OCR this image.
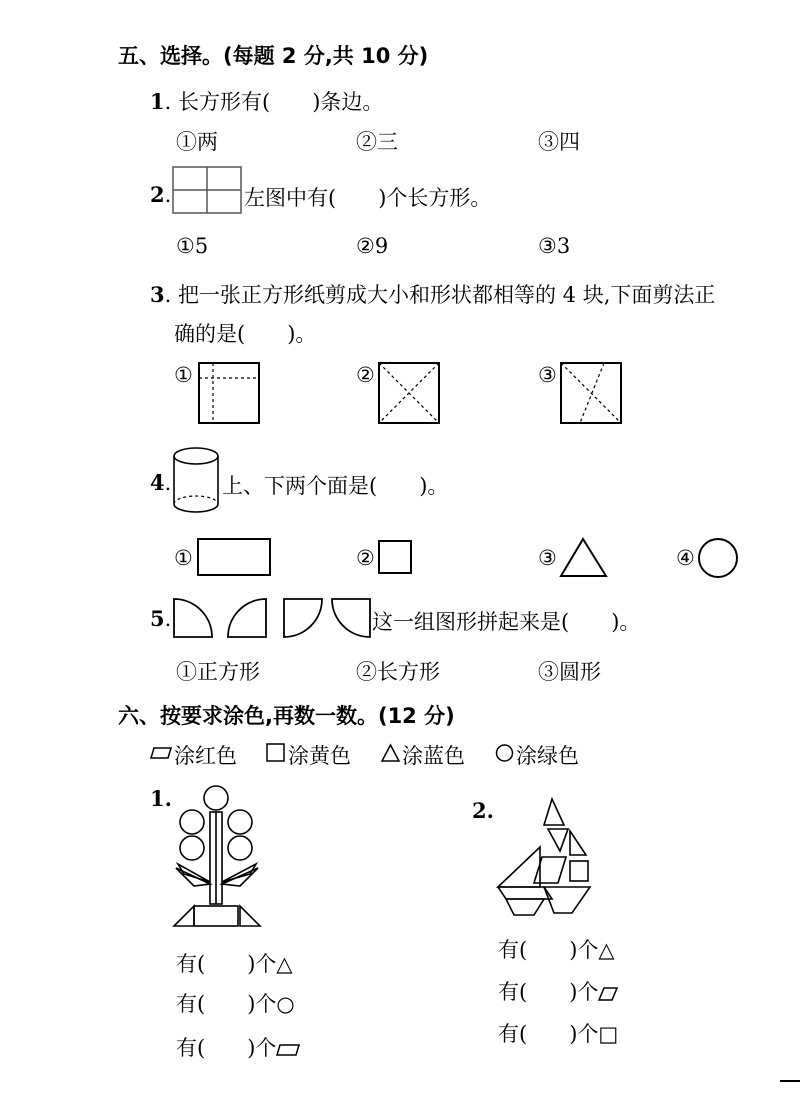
五、选择。(每题 2 分,共 10 分)
1. 长方形有(　　)条边。
①两	②三	③四
2.	左图中有(　　)个长方形。
①5	②9	③3
3. 把一张正方形纸剪成大小和形状都相等的 4 块,下面剪法正
确的是(　　)。
①	②	③
4. 上、下两个面是(　　)。
①	②	③	④
5.	这一组图形拼起来是(　　)。
①正方形	②长方形	③圆形
六、按要求涂色,再数一数。(12 分)
涂红色 涂黄色 涂蓝色 涂绿色
1.
有(　　)个△
有(　　)个○
有(　　)个
2.
有(　　)个△
有(　　)个
有(　　)个□
